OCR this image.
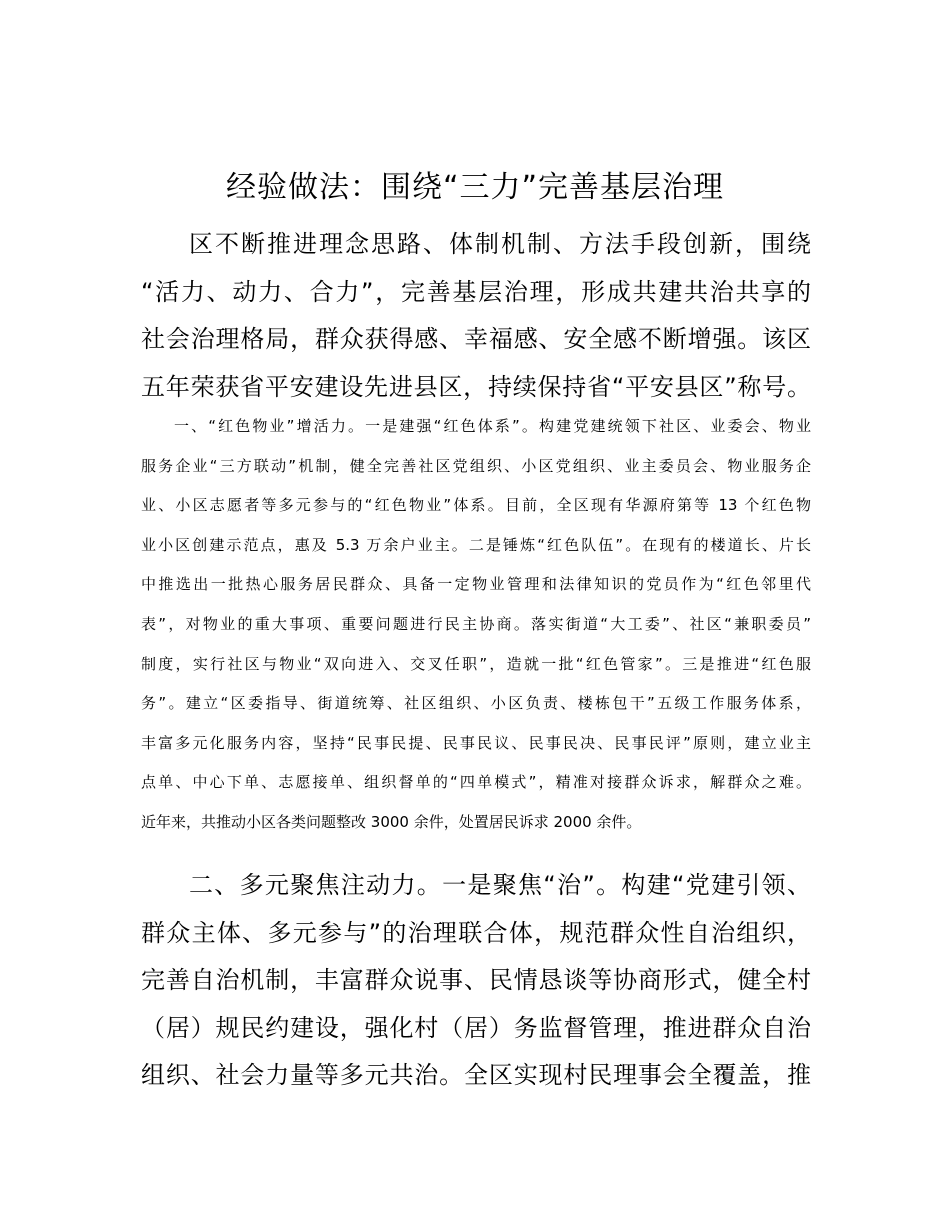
经验做法：围绕“三力”完善基层治理
区不断推进理念思路、体制机制、方法手段创新，围绕
“活力、动力、合力”，完善基层治理，形成共建共治共享的
社会治理格局，群众获得感、幸福感、安全感不断增强。该区
五年荣获省平安建设先进县区，持续保持省“平安县区”称号。
一、“红色物业”增活力。一是建强“红色体系”。构建党建统领下社区、业委会、物业
服务企业“三方联动”机制，健全完善社区党组织、小区党组织、业主委员会、物业服务企
业、小区志愿者等多元参与的“红色物业”体系。目前，全区现有华源府第等 13 个红色物
业小区创建示范点，惠及 5.3 万余户业主。二是锤炼“红色队伍”。在现有的楼道长、片长
中推选出一批热心服务居民群众、具备一定物业管理和法律知识的党员作为“红色邻里代
表”，对物业的重大事项、重要问题进行民主协商。落实街道“大工委”、社区“兼职委员”
制度，实行社区与物业“双向进入、交叉任职”，造就一批“红色管家”。三是推进“红色服
务”。建立“区委指导、街道统筹、社区组织、小区负责、楼栋包干”五级工作服务体系，
丰富多元化服务内容，坚持“民事民提、民事民议、民事民决、民事民评”原则，建立业主
点单、中心下单、志愿接单、组织督单的“四单模式”，精准对接群众诉求，解群众之难。
近年来，共推动小区各类问题整改 3000 余件，处置居民诉求 2000 余件。
二、多元聚焦注动力。一是聚焦“治”。构建“党建引领、
群众主体、多元参与”的治理联合体，规范群众性自治组织，
完善自治机制，丰富群众说事、民情恳谈等协商形式，健全村
（居）规民约建设，强化村（居）务监督管理，推进群众自治
组织、社会力量等多元共治。全区实现村民理事会全覆盖，推
